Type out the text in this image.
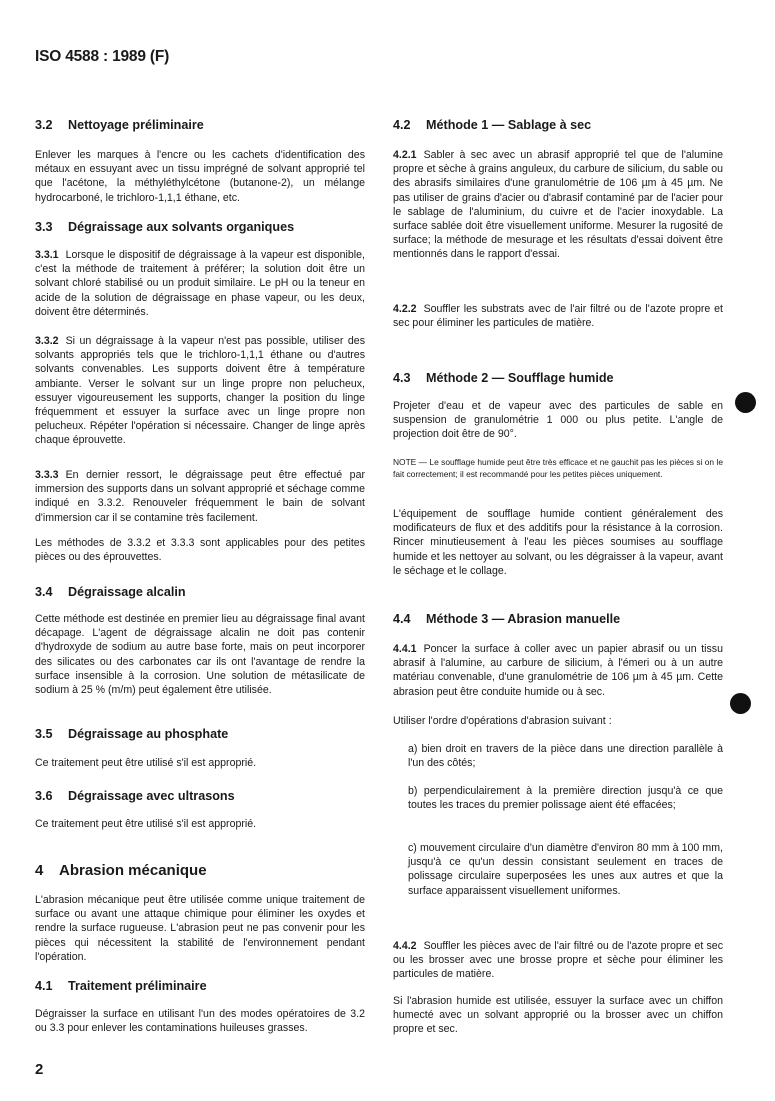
ISO 4588 : 1989 (F)
3.2 Nettoyage préliminaire

Enlever les marques à l'encre ou les cachets d'identification des métaux en essuyant avec un tissu imprégné de solvant approprié tel que l'acétone, la méthyléthylcétone (butanone-2), un mélange hydrocarboné, le trichloro-1,1,1 éthane, etc.

3.3 Dégraissage aux solvants organiques

3.3.1 Lorsque le dispositif de dégraissage à la vapeur est disponible, c'est la méthode de traitement à préférer; la solution doit être un solvant chloré stabilisé ou un produit similaire. Le pH ou la teneur en acide de la solution de dégraissage en phase vapeur, ou les deux, doivent être déterminés.

3.3.2 Si un dégraissage à la vapeur n'est pas possible, utiliser des solvants appropriés tels que le trichloro-1,1,1 éthane ou d'autres solvants convenables. Les supports doivent être à température ambiante. Verser le solvant sur un linge propre non pelucheux, essuyer vigoureusement les supports, changer la position du linge fréquemment et essuyer la surface avec un linge propre non pelucheux. Répéter l'opération si nécessaire. Changer de linge après chaque éprouvette.

3.3.3 En dernier ressort, le dégraissage peut être effectué par immersion des supports dans un solvant approprié et séchage comme indiqué en 3.3.2. Renouveler fréquemment le bain de solvant d'immersion car il se contamine très facilement.

Les méthodes de 3.3.2 et 3.3.3 sont applicables pour des petites pièces ou des éprouvettes.

3.4 Dégraissage alcalin

Cette méthode est destinée en premier lieu au dégraissage final avant décapage. L'agent de dégraissage alcalin ne doit pas contenir d'hydroxyde de sodium au autre base forte, mais on peut incorporer des silicates ou des carbonates car ils ont l'avantage de rendre la surface insensible à la corrosion. Une solution de métasilicate de sodium à 25 % (m/m) peut également être utilisée.

3.5 Dégraissage au phosphate

Ce traitement peut être utilisé s'il est approprié.

3.6 Dégraissage avec ultrasons

Ce traitement peut être utilisé s'il est approprié.

4 Abrasion mécanique

L'abrasion mécanique peut être utilisée comme unique traitement de surface ou avant une attaque chimique pour éliminer les oxydes et rendre la surface rugueuse. L'abrasion peut ne pas convenir pour les pièces qui nécessitent la stabilité de l'environnement pendant l'opération.

4.1 Traitement préliminaire

Dégraisser la surface en utilisant l'un des modes opératoires de 3.2 ou 3.3 pour enlever les contaminations huileuses grasses.

4.2 Méthode 1 — Sablage à sec

4.2.1 Sabler à sec avec un abrasif approprié tel que de l'alumine propre et sèche à grains anguleux, du carbure de silicium, du sable ou des abrasifs similaires d'une granulométrie de 106 µm à 45 µm. Ne pas utiliser de grains d'acier ou d'abrasif contaminé par de l'acier pour le sablage de l'aluminium, du cuivre et de l'acier inoxydable. La surface sablée doit être visuellement uniforme. Mesurer la rugosité de surface; la méthode de mesurage et les résultats d'essai doivent être mentionnés dans le rapport d'essai.

4.2.2 Souffler les substrats avec de l'air filtré ou de l'azote propre et sec pour éliminer les particules de matière.

4.3 Méthode 2 — Soufflage humide

Projeter d'eau et de vapeur avec des particules de sable en suspension de granulométrie 1 000 ou plus petite. L'angle de projection doit être de 90°.

NOTE — Le soufflage humide peut être très efficace et ne gauchit pas les pièces si on le fait correctement; il est recommandé pour les petites pièces uniquement.

L'équipement de soufflage humide contient généralement des modificateurs de flux et des additifs pour la résistance à la corrosion. Rincer minutieusement à l'eau les pièces soumises au soufflage humide et les nettoyer au solvant, ou les dégraisser à la vapeur, avant le séchage et le collage.

4.4 Méthode 3 — Abrasion manuelle

4.4.1 Poncer la surface à coller avec un papier abrasif ou un tissu abrasif à l'alumine, au carbure de silicium, à l'émeri ou à un autre matériau convenable, d'une granulométrie de 106 µm à 45 µm. Cette abrasion peut être conduite humide ou à sec.

Utiliser l'ordre d'opérations d'abrasion suivant :

a) bien droit en travers de la pièce dans une direction parallèle à l'un des côtés;

b) perpendiculairement à la première direction jusqu'à ce que toutes les traces du premier polissage aient été effacées;

c) mouvement circulaire d'un diamètre d'environ 80 mm à 100 mm, jusqu'à ce qu'un dessin consistant seulement en traces de polissage circulaire superposées les unes aux autres et que la surface apparaissent visuellement uniformes.

4.4.2 Souffler les pièces avec de l'air filtré ou de l'azote propre et sec ou les brosser avec une brosse propre et sèche pour éliminer les particules de matière.

Si l'abrasion humide est utilisée, essuyer la surface avec un chiffon humecté avec un solvant approprié ou la brosser avec un chiffon propre et sec.

2
